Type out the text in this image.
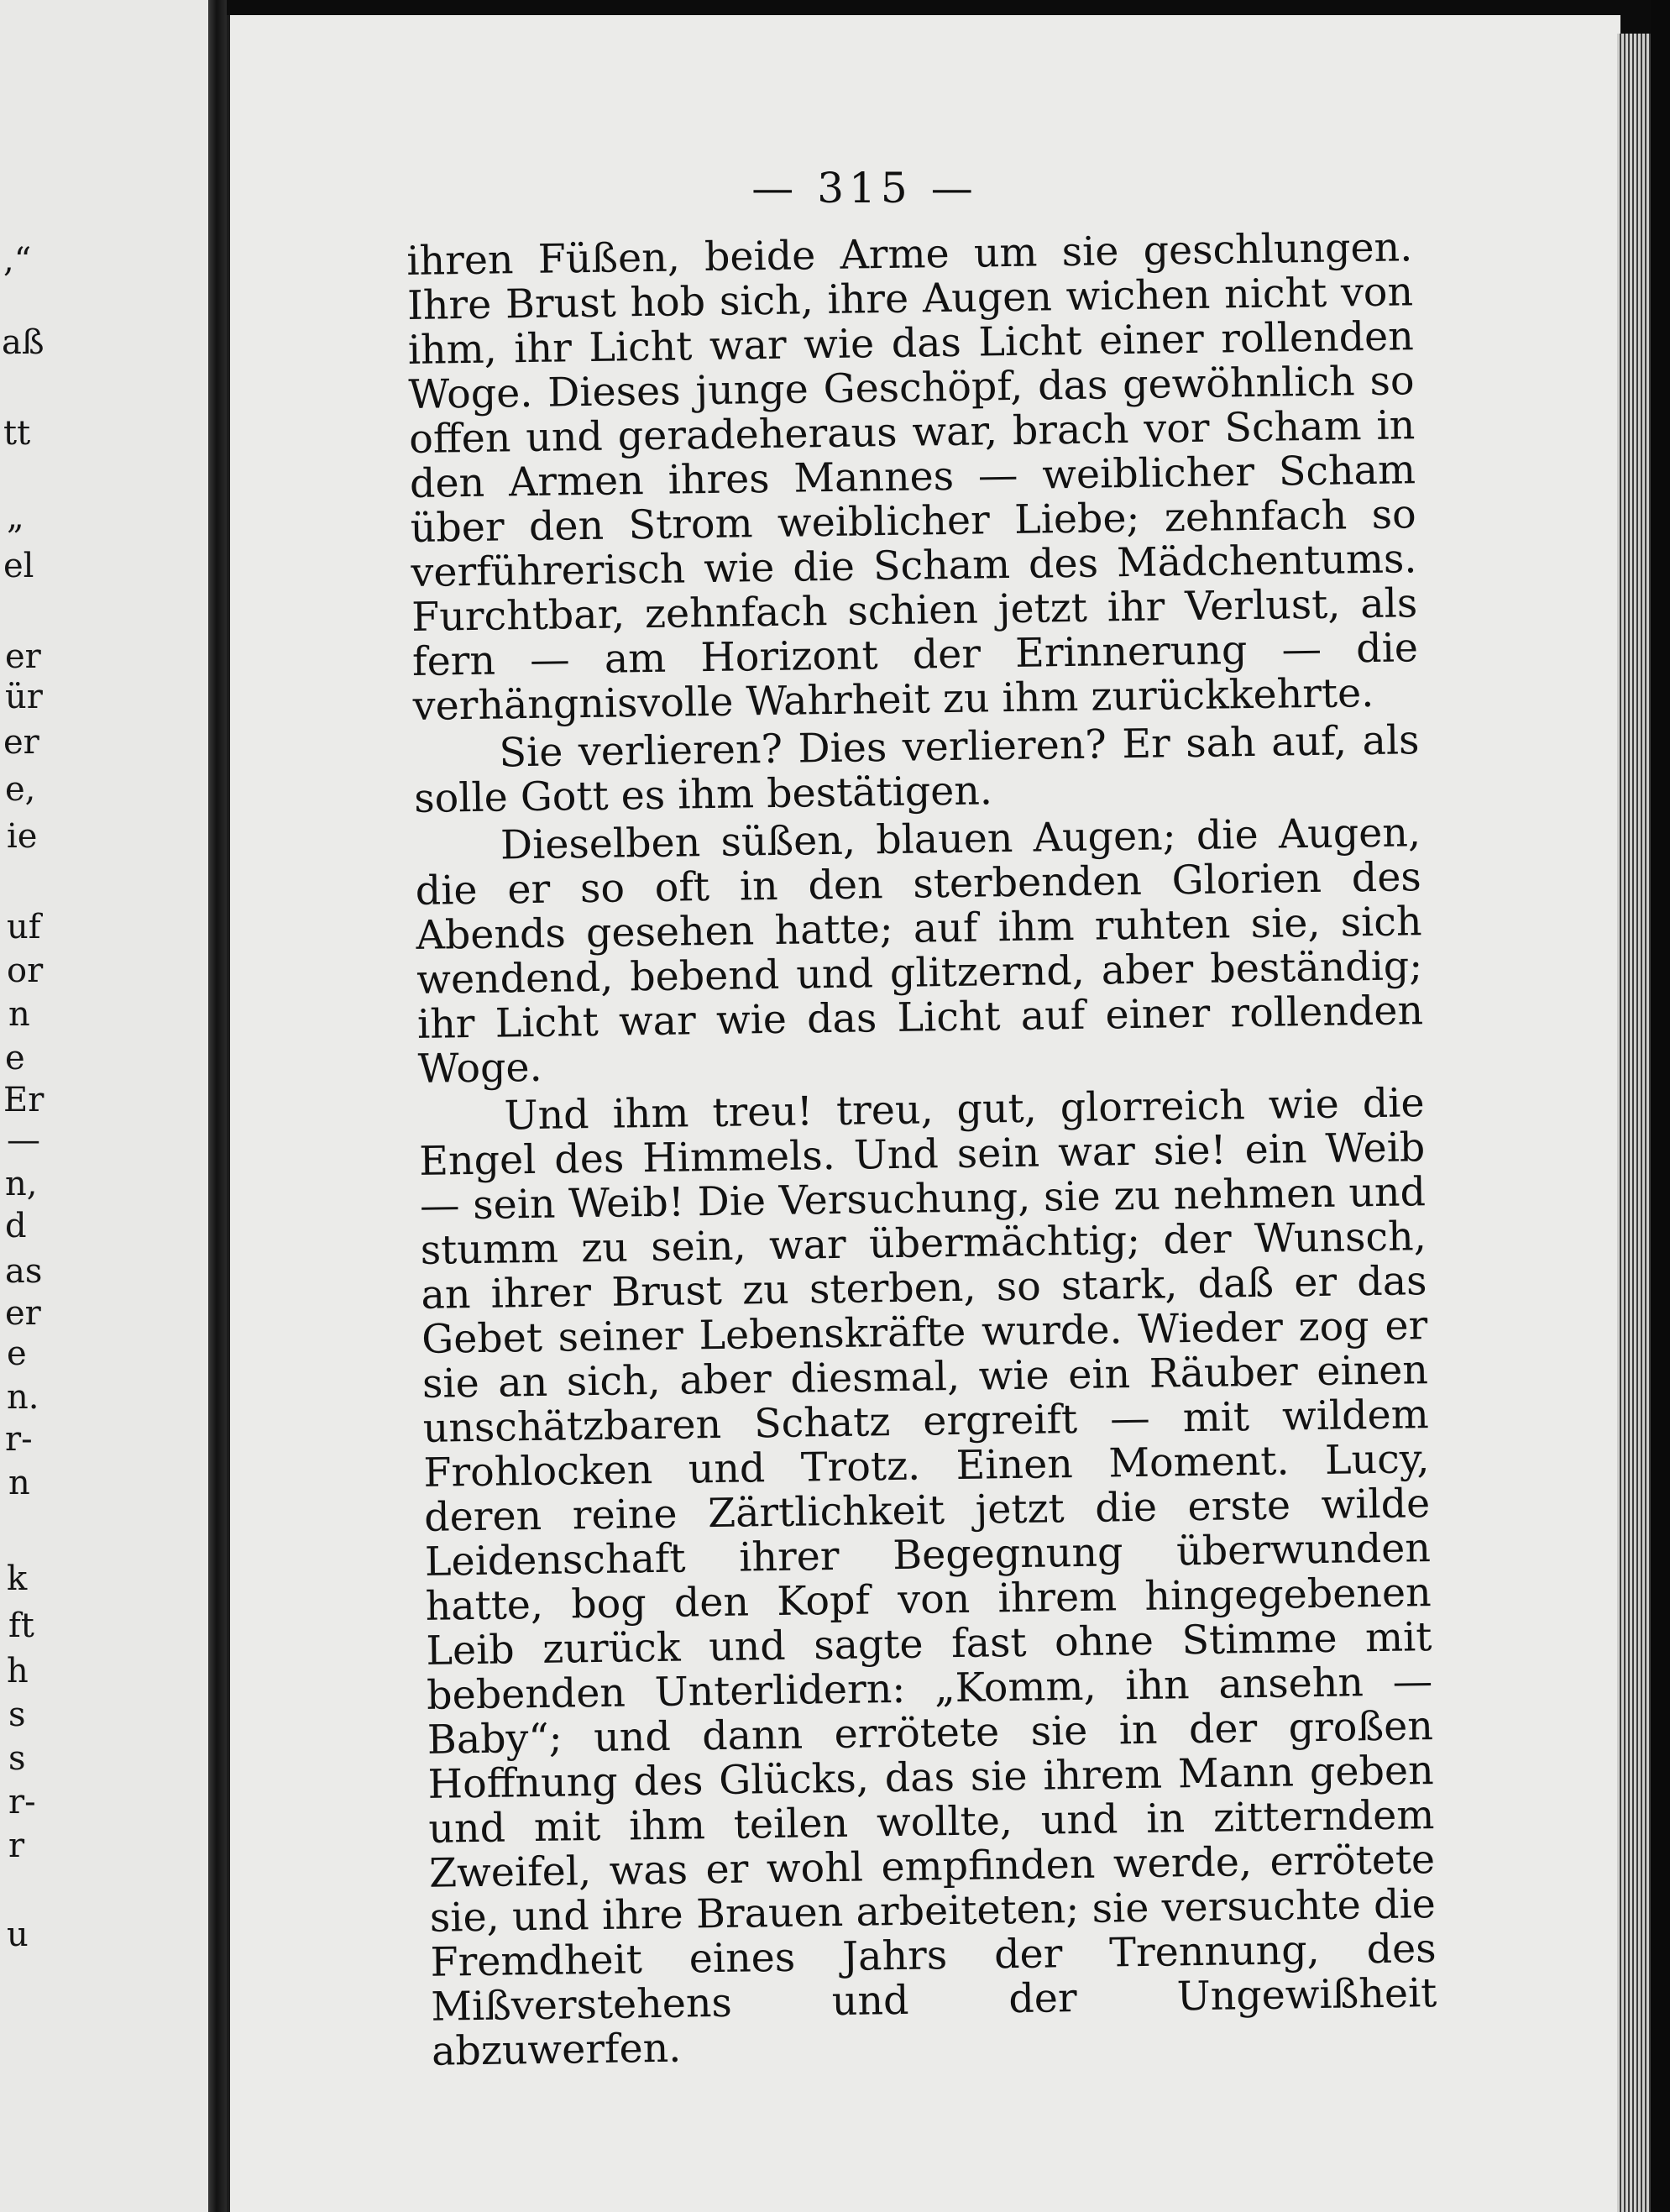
,“
aß
tt
„
el
er
ür
er
e,
ie
uf
or
n
e
Er
—
n,
d
as
er
e
n.
r-
n
k
ft
h
s
s
r-
r
u
— 315 —

ihren Füßen, beide Arme um sie geschlungen. Ihre Brust hob sich, ihre Augen wichen nicht von ihm, ihr Licht war wie das Licht einer rollenden Woge. Dieses junge Geschöpf, das gewöhnlich so offen und geradeheraus war, brach vor Scham in den Armen ihres Mannes — weiblicher Scham über den Strom weiblicher Liebe; zehnfach so verführerisch wie die Scham des Mädchentums. Furchtbar, zehnfach schien jetzt ihr Verlust, als fern — am Horizont der Erinnerung — die verhängnisvolle Wahrheit zu ihm zurückkehrte.

Sie verlieren? Dies verlieren? Er sah auf, als solle Gott es ihm bestätigen.

Dieselben süßen, blauen Augen; die Augen, die er so oft in den sterbenden Glorien des Abends gesehen hatte; auf ihm ruhten sie, sich wendend, bebend und glitzernd, aber beständig; ihr Licht war wie das Licht auf einer rollenden Woge.

Und ihm treu! treu, gut, glorreich wie die Engel des Himmels. Und sein war sie! ein Weib — sein Weib! Die Versuchung, sie zu nehmen und stumm zu sein, war übermächtig; der Wunsch, an ihrer Brust zu sterben, so stark, daß er das Gebet seiner Lebenskräfte wurde. Wieder zog er sie an sich, aber diesmal, wie ein Räuber einen unschätzbaren Schatz ergreift — mit wildem Frohlocken und Trotz. Einen Moment. Lucy, deren reine Zärtlichkeit jetzt die erste wilde Leidenschaft ihrer Begegnung überwunden hatte, bog den Kopf von ihrem hingegebenen Leib zurück und sagte fast ohne Stimme mit bebenden Unterlidern: „Komm, ihn ansehn — Baby“; und dann errötete sie in der großen Hoffnung des Glücks, das sie ihrem Mann geben und mit ihm teilen wollte, und in zitterndem Zweifel, was er wohl empfinden werde, errötete sie, und ihre Brauen arbeiteten; sie versuchte die Fremdheit eines Jahrs der Trennung, des Mißverstehens und der Ungewißheit abzuwerfen.
